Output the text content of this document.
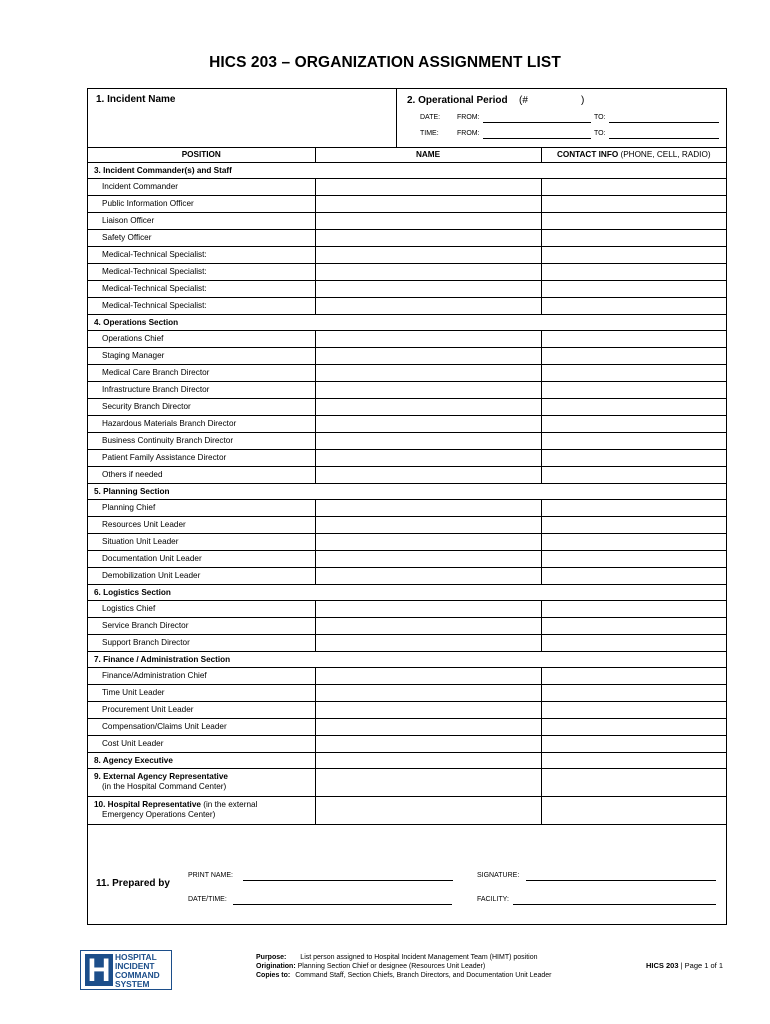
HICS 203 – ORGANIZATION ASSIGNMENT LIST
1. Incident Name	2. Operational Period (#	)
DATE: FROM:	TO:
TIME:	FROM:	TO:
POSITION	NAME	CONTACT INFO (PHONE, CELL, RADIO)
3. Incident Commander(s) and Staff		
Incident Commander		
Public Information Officer		
Liaison Officer		
Safety Officer		
Medical-Technical Specialist:		
Medical-Technical Specialist:		
Medical-Technical Specialist:		
Medical-Technical Specialist:		
4. Operations Section		
Operations Chief		
Staging Manager		
Medical Care Branch Director		
Infrastructure Branch Director		
Security Branch Director		
Hazardous Materials Branch Director		
Business Continuity Branch Director		
Patient Family Assistance Director		
Others if needed		
5. Planning Section		
Planning Chief		
Resources Unit Leader		
Situation Unit Leader		
Documentation Unit Leader		
Demobilization Unit Leader		
6. Logistics Section		
Logistics Chief		
Service Branch Director		
Support Branch Director		
7. Finance / Administration Section		
Finance/Administration Chief		
Time Unit Leader		
Procurement Unit Leader		
Compensation/Claims Unit Leader		
Cost Unit Leader		
8. Agency Executive		
9. External Agency Representative
(in the Hospital Command Center)		
10. Hospital Representative (in the external
Emergency Operations Center)		
11. Prepared by
PRINT NAME:	SIGNATURE:
DATE/TIME:	FACILITY:
H HOSPITAL
INCIDENT
COMMAND
SYSTEM
Purpose: List person assigned to Hospital Incident Management Team (HIMT) position
Origination: Planning Section Chief or designee (Resources Unit Leader)
Copies to: Command Staff, Section Chiefs, Branch Directors, and Documentation Unit Leader
HICS 203 | Page 1 of 1
